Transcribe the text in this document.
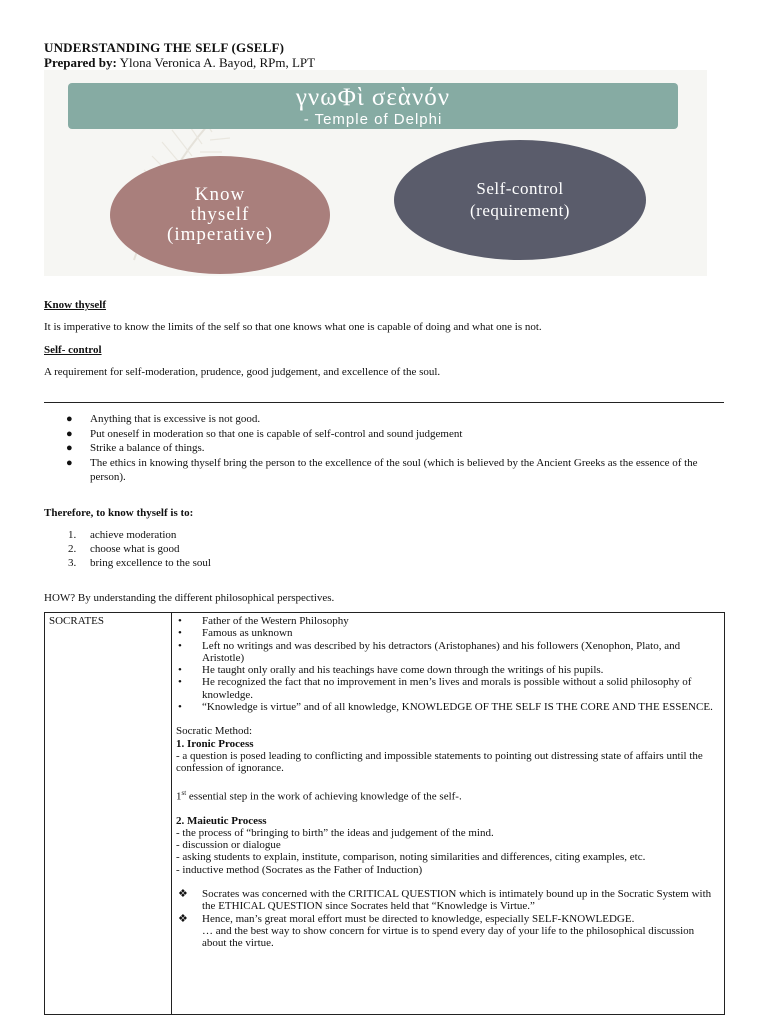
UNDERSTANDING THE SELF (GSELF)
Prepared by: Ylona Veronica A. Bayod, RPm, LPT
γνωΦὶ σεὰνόν
- Temple of Delphi
Know
thyself
(imperative)
Self-control
(requirement)
Know thyself
It is imperative to know the limits of the self so that one knows what one is capable of doing and what one is not.
Self- control
A requirement for self-moderation, prudence, good judgement, and excellence of the soul.
● Anything that is excessive is not good.
● Put oneself in moderation so that one is capable of self-control and sound judgement
● Strike a balance of things.
● The ethics in knowing thyself bring the person to the excellence of the soul (which is believed by the Ancient Greeks as the essence of the person).
Therefore, to know thyself is to:
1. achieve moderation
2. choose what is good
3. bring excellence to the soul
HOW? By understanding the different philosophical perspectives.
SOCRATES	• Father of the Western Philosophy
• Famous as unknown
• Left no writings and was described by his detractors (Aristophanes) and his followers (Xenophon, Plato, and Aristotle)
• He taught only orally and his teachings have come down through the writings of his pupils.
• He recognized the fact that no improvement in men’s lives and morals is possible without a solid philosophy of knowledge.
• “Knowledge is virtue” and of all knowledge, KNOWLEDGE OF THE SELF IS THE CORE AND THE ESSENCE.

Socratic Method:

1. Ironic Process

- a question is posed leading to conflicting and impossible statements to pointing out distressing state of affairs until the confession of ignorance.

1st essential step in the work of achieving knowledge of the self-.

2. Maieutic Process

- the process of “bringing to birth” the ideas and judgement of the mind.

- discussion or dialogue

- asking students to explain, institute, comparison, noting similarities and differences, citing examples, etc.

- inductive method (Socrates as the Father of Induction)

❖ Socrates was concerned with the CRITICAL QUESTION which is intimately bound up in the Socratic System with the ETHICAL QUESTION since Socrates held that “Knowledge is Virtue.”
❖ Hence, man’s great moral effort must be directed to knowledge, especially SELF-KNOWLEDGE.
… and the best way to show concern for virtue is to spend every day of your life to the philosophical discussion about the virtue.
